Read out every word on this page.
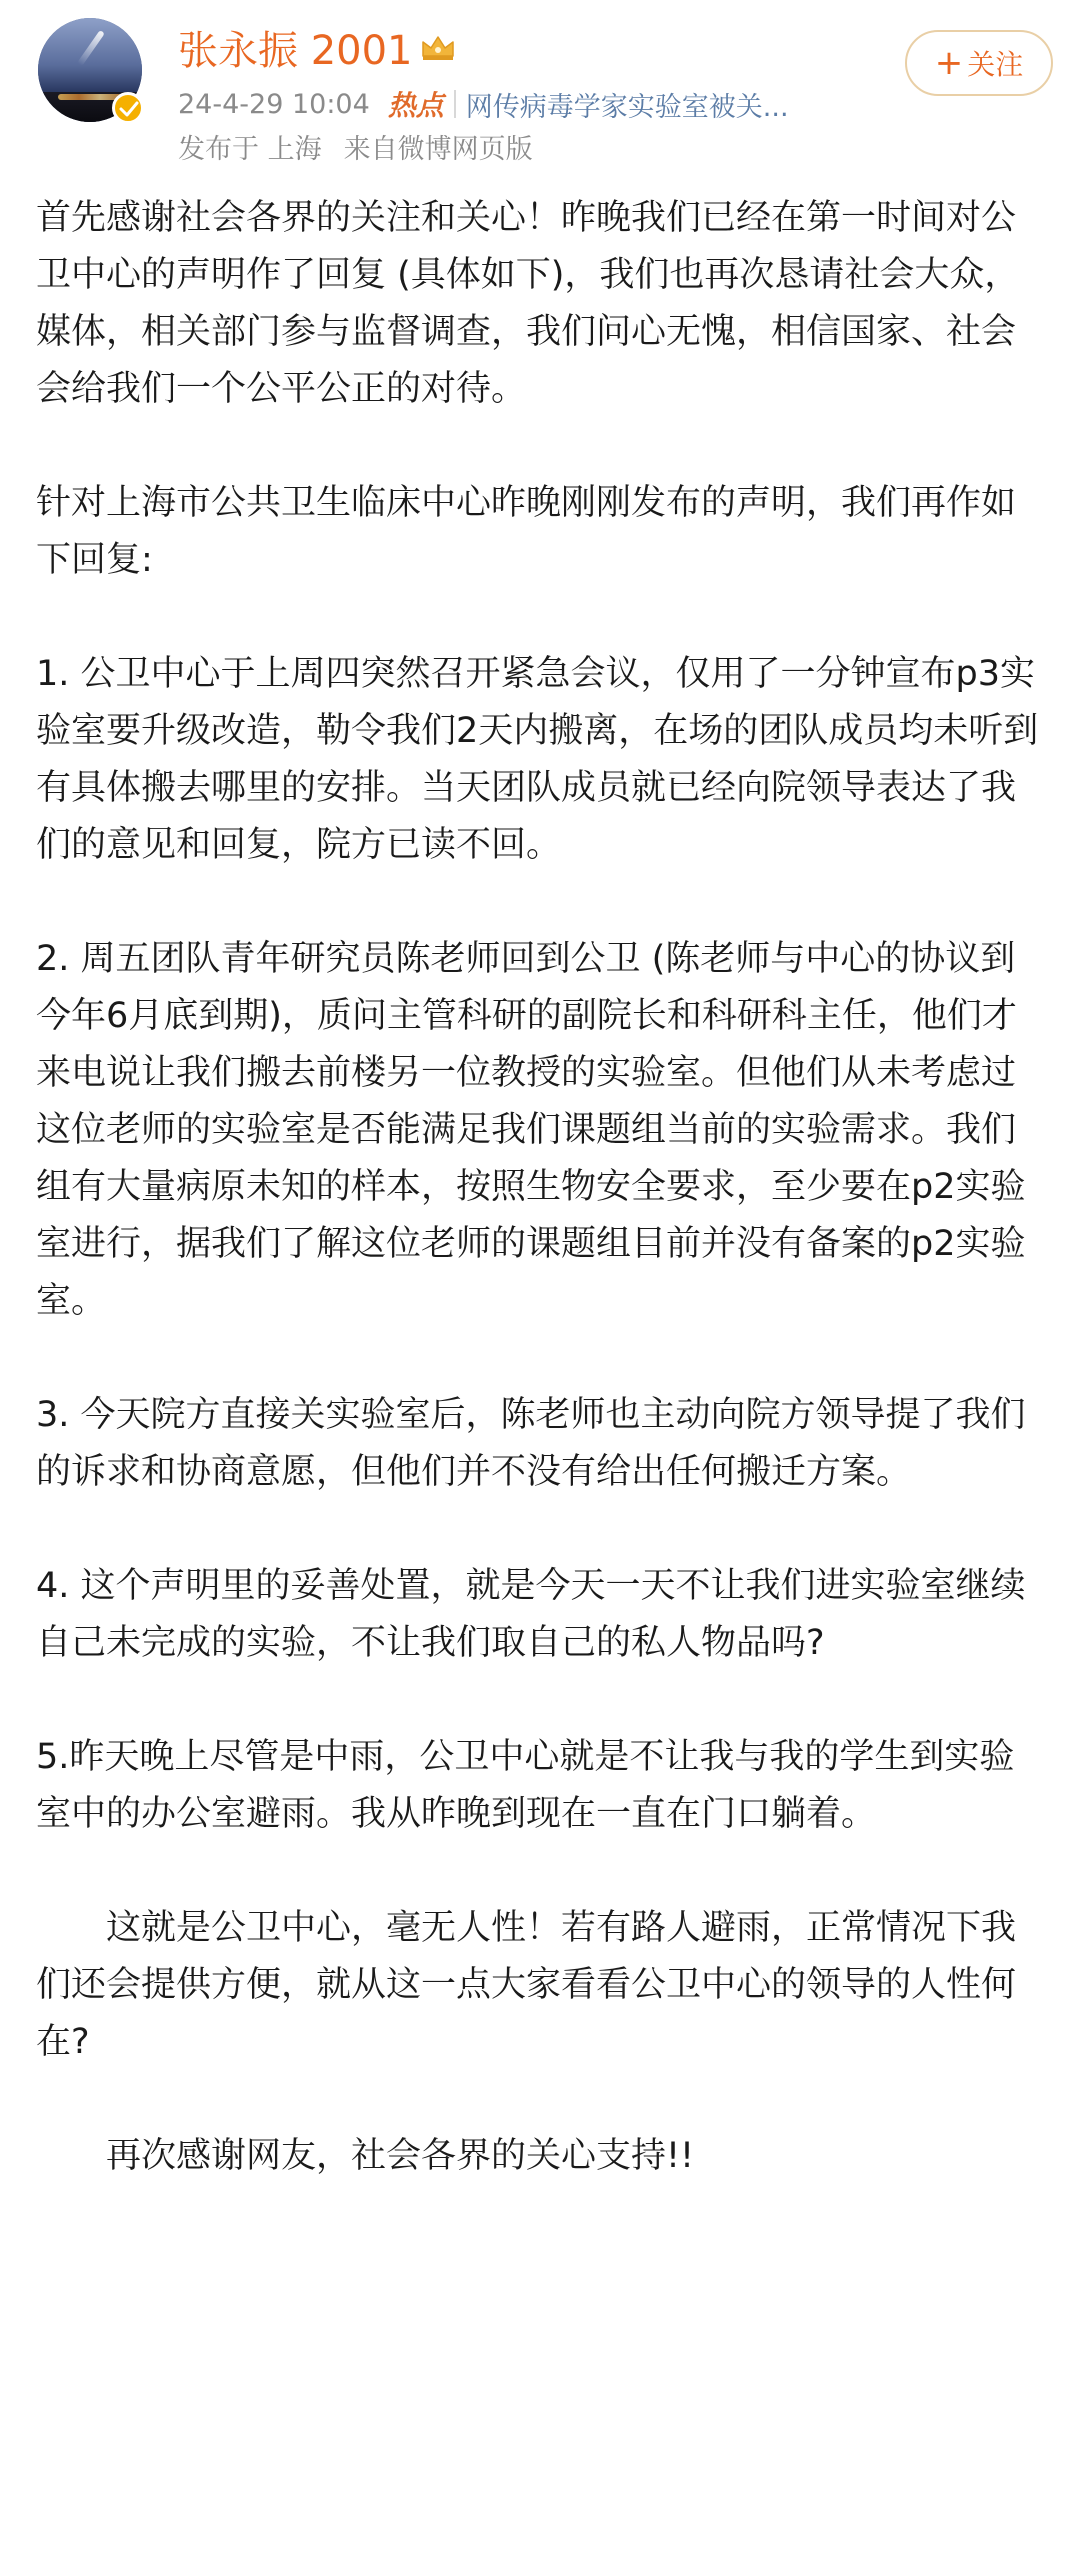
张永振 2001
24-4-29 10:04 热点 网传病毒学家实验室被关...
发布于 上海 来自微博网页版
+ 关注

首先感谢社会各界的关注和关心！昨晚我们已经在第一时间对公卫中心的声明作了回复 (具体如下)，我们也再次恳请社会大众，媒体，相关部门参与监督调查，我们问心无愧，相信国家、社会会给我们一个公平公正的对待。

针对上海市公共卫生临床中心昨晚刚刚发布的声明，我们再作如下回复:

1. 公卫中心于上周四突然召开紧急会议，仅用了一分钟宣布p3实验室要升级改造，勒令我们2天内搬离，在场的团队成员均未听到有具体搬去哪里的安排。当天团队成员就已经向院领导表达了我们的意见和回复，院方已读不回。

2. 周五团队青年研究员陈老师回到公卫 (陈老师与中心的协议到今年6月底到期)，质问主管科研的副院长和科研科主任，他们才来电说让我们搬去前楼另一位教授的实验室。但他们从未考虑过这位老师的实验室是否能满足我们课题组当前的实验需求。我们组有大量病原未知的样本，按照生物安全要求，至少要在p2实验室进行，据我们了解这位老师的课题组目前并没有备案的p2实验室。

3. 今天院方直接关实验室后，陈老师也主动向院方领导提了我们的诉求和协商意愿，但他们并不没有给出任何搬迁方案。

4. 这个声明里的妥善处置，就是今天一天不让我们进实验室继续自己未完成的实验，不让我们取自己的私人物品吗?

5.昨天晚上尽管是中雨，公卫中心就是不让我与我的学生到实验室中的办公室避雨。我从昨晚到现在一直在门口躺着。

这就是公卫中心，毫无人性！若有路人避雨，正常情况下我们还会提供方便，就从这一点大家看看公卫中心的领导的人性何在?

再次感谢网友，社会各界的关心支持!!
